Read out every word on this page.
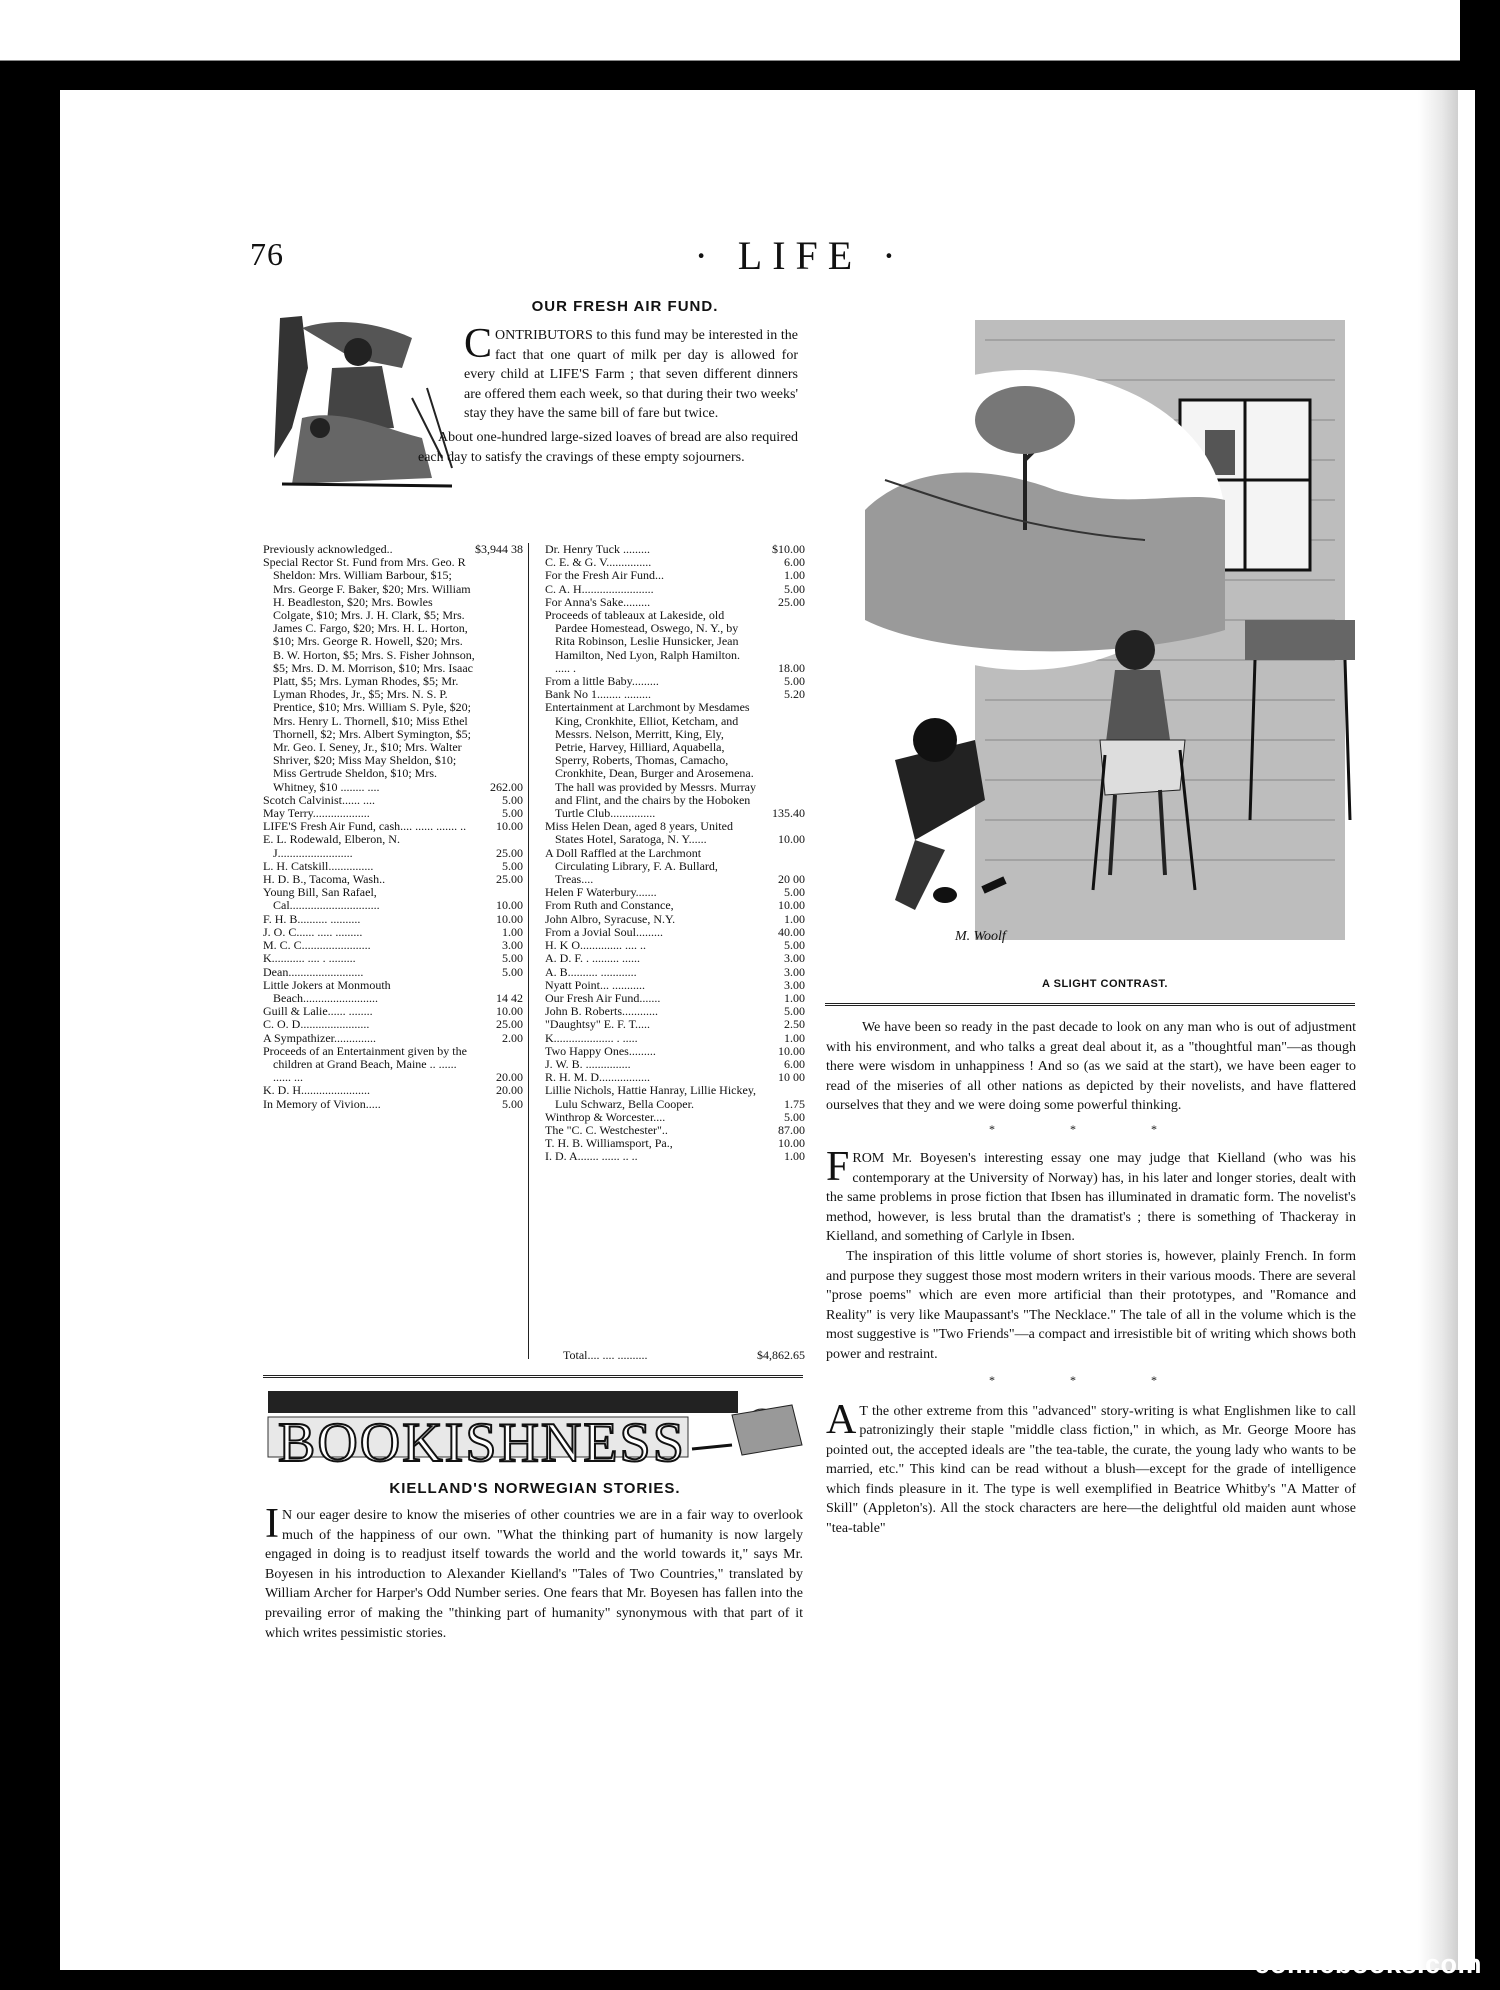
76	· LIFE ·
OUR FRESH AIR FUND.

C ONTRIBUTORS to this fund may be interested in the fact that one quart of milk per day is allowed for every child at LIFE'S Farm ; that seven different dinners are offered them each week, so that during their two weeks' stay they have the same bill of fare but twice.

About one-hundred large-sized loaves of bread are also required each day to satisfy the cravings of these empty sojourners.

Previously acknowledged..	$3,944 38
Special Rector St. Fund from Mrs. Geo. R Sheldon: Mrs. William Barbour, $15; Mrs. George F. Baker, $20; Mrs. William H. Beadleston, $20; Mrs. Bowles Colgate, $10; Mrs. J. H. Clark, $5; Mrs. James C. Fargo, $20; Mrs. H. L. Horton, $10; Mrs. George R. Howell, $20; Mrs. B. W. Horton, $5; Mrs. S. Fisher Johnson, $5; Mrs. D. M. Morrison, $10; Mrs. Isaac Platt, $5; Mrs. Lyman Rhodes, $5; Mr. Lyman Rhodes, Jr., $5; Mrs. N. S. P. Prentice, $10; Mrs. William S. Pyle, $20; Mrs. Henry L. Thornell, $10; Miss Ethel Thornell, $2; Mrs. Albert Symington, $5; Mr. Geo. I. Seney, Jr., $10; Mrs. Walter Shriver, $20; Miss May Sheldon, $10; Miss Gertrude Sheldon, $10; Mrs. Whitney, $10 ........ ....	262.00
Scotch Calvinist...... ....	5.00
May Terry...................	5.00
LIFE'S Fresh Air Fund, cash.... ...... ....... ..	10.00
E. L. Rodewald, Elberon, N. J.........................	25.00
L. H. Catskill...............	5.00
H. D. B., Tacoma, Wash..	25.00
Young Bill, San Rafael, Cal..............................	10.00
F. H. B.......... ..........	10.00
J. O. C...... ..... .........	1.00
M. C. C.......................	3.00
K........... .... . .........	5.00
Dean.........................	5.00
Little Jokers at Monmouth Beach.........................	14 42
Guill & Lalie...... ........	10.00
C. O. D.......................	25.00
A Sympathizer..............	2.00
Proceeds of an Entertainment given by the children at Grand Beach, Maine .. ...... ...... ...	20.00
K. D. H.......................	20.00
In Memory of Vivion.....	5.00
Dr. Henry Tuck .........	$10.00
C. E. & G. V...............	6.00
For the Fresh Air Fund...	1.00
C. A. H........................	5.00
For Anna's Sake.........	25.00
Proceeds of tableaux at Lakeside, old Pardee Homestead, Oswego, N. Y., by Rita Robinson, Leslie Hunsicker, Jean Hamilton, Ned Lyon, Ralph Hamilton. ..... .	18.00
From a little Baby.........	5.00
Bank No 1........ .........	5.20
Entertainment at Larchmont by Mesdames King, Cronkhite, Elliot, Ketcham, and Messrs. Nelson, Merritt, King, Ely, Petrie, Harvey, Hilliard, Aquabella, Sperry, Roberts, Thomas, Camacho, Cronkhite, Dean, Burger and Arosemena. The hall was provided by Messrs. Murray and Flint, and the chairs by the Hoboken Turtle Club...............	135.40
Miss Helen Dean, aged 8 years, United States Hotel, Saratoga, N. Y......	10.00
A Doll Raffled at the Larchmont Circulating Library, F. A. Bullard, Treas....	20 00
Helen F Waterbury.......	5.00
From Ruth and Constance,	10.00
John Albro, Syracuse, N.Y.	1.00
From a Jovial Soul.........	40.00
H. K O.............. .... ..	5.00
A. D. F. . ......... ......	3.00
A. B.......... ............	3.00
Nyatt Point... ...........	3.00
Our Fresh Air Fund.......	1.00
John B. Roberts............	5.00
"Daughtsy" E. F. T.....	2.50
K.................... . .....	1.00
Two Happy Ones.........	10.00
J. W. B. ...............	6.00
R. H. M. D.................	10 00
Lillie Nichols, Hattie Hanray, Lillie Hickey, Lulu Schwarz, Bella Cooper.	1.75
Winthrop & Worcester....	5.00
The "C. C. Westchester"..	87.00
T. H. B. Williamsport, Pa.,	10.00
I. D. A....... ...... .. ..	1.00
Total.... .... ..........	$4,862.65
BOOKISHNESS
KIELLAND'S NORWEGIAN STORIES.

I N our eager desire to know the miseries of other countries we are in a fair way to overlook much of the happiness of our own. "What the thinking part of humanity is now largely engaged in doing is to readjust itself towards the world and the world towards it," says Mr. Boyesen in his introduction to Alexander Kielland's "Tales of Two Countries," translated by William Archer for Harper's Odd Number series. One fears that Mr. Boyesen has fallen into the prevailing error of making the "thinking part of humanity" synonymous with that part of it which writes pessimistic stories.

M. Woolf
A SLIGHT CONTRAST.

We have been so ready in the past decade to look on any man who is out of adjustment with his environment, and who talks a great deal about it, as a "thoughtful man"—as though there were wisdom in unhappiness ! And so (as we said at the start), we have been eager to read of the miseries of all other nations as depicted by their novelists, and have flattered ourselves that they and we were doing some powerful thinking.

* * *

F ROM Mr. Boyesen's interesting essay one may judge that Kielland (who was his contemporary at the University of Norway) has, in his later and longer stories, dealt with the same problems in prose fiction that Ibsen has illuminated in dramatic form. The novelist's method, however, is less brutal than the dramatist's ; there is something of Thackeray in Kielland, and something of Carlyle in Ibsen.

The inspiration of this little volume of short stories is, however, plainly French. In form and purpose they suggest those most modern writers in their various moods. There are several "prose poems" which are even more artificial than their prototypes, and "Romance and Reality" is very like Maupassant's "The Necklace." The tale of all in the volume which is the most suggestive is "Two Friends"—a compact and irresistible bit of writing which shows both power and restraint.

* * *

A T the other extreme from this "advanced" story-writing is what Englishmen like to call patronizingly their staple "middle class fiction," in which, as Mr. George Moore has pointed out, the accepted ideals are "the tea-table, the curate, the young lady who wants to be married, etc." This kind can be read without a blush—except for the grade of intelligence which finds pleasure in it. The type is well exemplified in Beatrice Whitby's "A Matter of Skill" (Appleton's). All the stock characters are here—the delightful old maiden aunt whose "tea-table"

comicbooks.com
